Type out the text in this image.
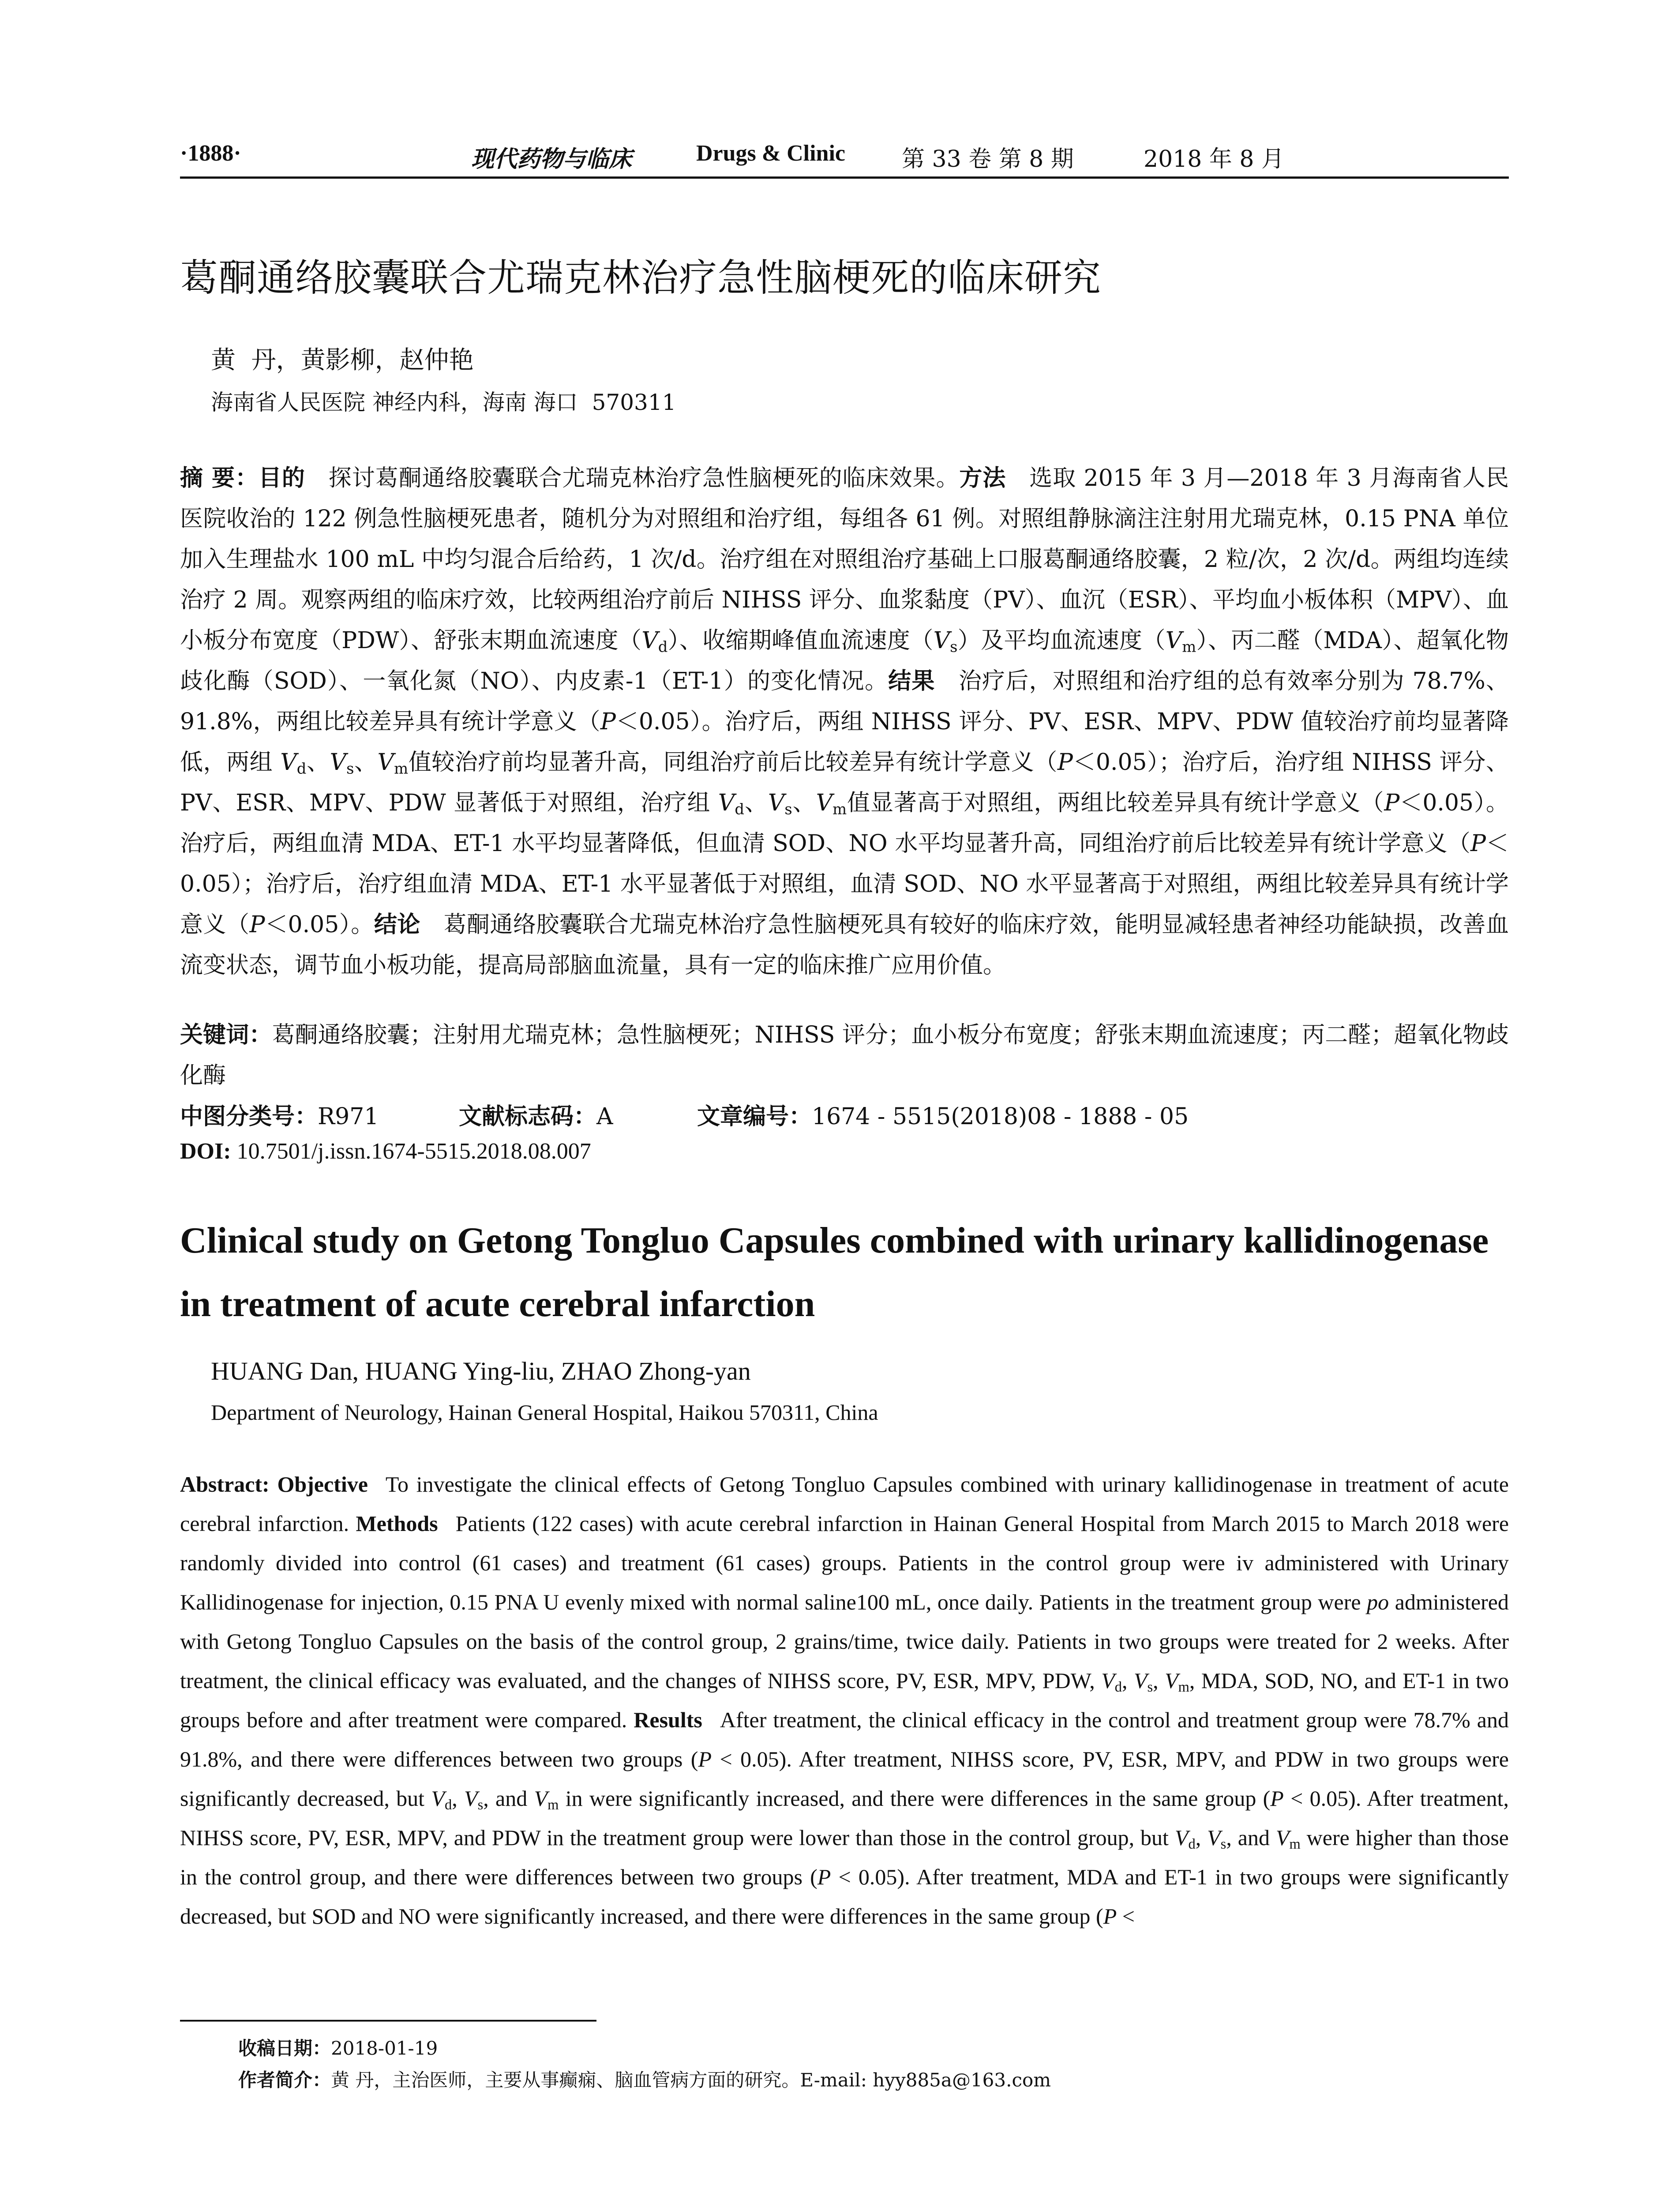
·1888·	现代药物与临床	Drugs & Clinic 第 33 卷 第 8 期	2018 年 8 月
葛酮通络胶囊联合尤瑞克林治疗急性脑梗死的临床研究
黄  丹，黄影柳，赵仲艳
海南省人民医院 神经内科，海南 海口  570311
摘 要：目的 探讨葛酮通络胶囊联合尤瑞克林治疗急性脑梗死的临床效果。方法 选取 2015 年 3 月—2018 年 3 月海南省人民医院收治的 122 例急性脑梗死患者，随机分为对照组和治疗组，每组各 61 例。对照组静脉滴注注射用尤瑞克林，0.15 PNA 单位加入生理盐水 100 mL 中均匀混合后给药，1 次/d。治疗组在对照组治疗基础上口服葛酮通络胶囊，2 粒/次，2 次/d。两组均连续治疗 2 周。观察两组的临床疗效，比较两组治疗前后 NIHSS 评分、血浆黏度（PV）、血沉（ESR）、平均血小板体积（MPV）、血小板分布宽度（PDW）、舒张末期血流速度$(V_d)$、收缩期峰值血流速度$(V_s)$及平均血流速度$(V_m)$、丙二醛（MDA）、超氧化物歧化酶（SOD）、一氧化氮（NO）、内皮素-1（ET-1）的变化情况。结果 治疗后，对照组和治疗组的总有效率分别为 78.7%、91.8%，两组比较差异具有统计学意义（P＜0.05）。治疗后，两组 NIHSS 评分、PV、ESR、MPV、PDW 值较治疗前均显著降低，两组 $V_d$、$V_s$、$V_m$值较治疗前均显著升高，同组治疗前后比较差异有统计学意义（P＜0.05）；治疗后，治疗组 NIHSS 评分、PV、ESR、MPV、PDW 显著低于对照组，治疗组 $V_d$、$V_s$、$V_m$值显著高于对照组，两组比较差异具有统计学意义（P＜0.05）。治疗后，两组血清 MDA、ET-1 水平均显著降低，但血清 SOD、NO 水平均显著升高，同组治疗前后比较差异有统计学意义（P＜0.05）；治疗后，治疗组血清 MDA、ET-1 水平显著低于对照组，血清 SOD、NO 水平显著高于对照组，两组比较差异具有统计学意义（P＜0.05）。结论 葛酮通络胶囊联合尤瑞克林治疗急性脑梗死具有较好的临床疗效，能明显减轻患者神经功能缺损，改善血流变状态，调节血小板功能，提高局部脑血流量，具有一定的临床推广应用价值。
关键词：葛酮通络胶囊；注射用尤瑞克林；急性脑梗死；NIHSS 评分；血小板分布宽度；舒张末期血流速度；丙二醛；超氧化物歧化酶
中图分类号：R971	文献标志码：A	文章编号：1674 - 5515(2018)08 - 1888 - 05
DOI: 10.7501/j.issn.1674-5515.2018.08.007
Clinical study on Getong Tongluo Capsules combined with urinary kallidinogenase in treatment of acute cerebral infarction
HUANG Dan, HUANG Ying-liu, ZHAO Zhong-yan
Department of Neurology, Hainan General Hospital, Haikou 570311, China
Abstract: Objective To investigate the clinical effects of Getong Tongluo Capsules combined with urinary kallidinogenase in treatment of acute cerebral infarction. Methods Patients (122 cases) with acute cerebral infarction in Hainan General Hospital from March 2015 to March 2018 were randomly divided into control (61 cases) and treatment (61 cases) groups. Patients in the control group were iv administered with Urinary Kallidinogenase for injection, 0.15 PNA U evenly mixed with normal saline100 mL, once daily. Patients in the treatment group were po administered with Getong Tongluo Capsules on the basis of the control group, 2 grains/time, twice daily. Patients in two groups were treated for 2 weeks. After treatment, the clinical efficacy was evaluated, and the changes of NIHSS score, PV, ESR, MPV, PDW, $V_d$, $V_s$, $V_m$, MDA, SOD, NO, and ET-1 in two groups before and after treatment were compared. Results After treatment, the clinical efficacy in the control and treatment group were 78.7% and 91.8%, and there were differences between two groups (P < 0.05). After treatment, NIHSS score, PV, ESR, MPV, and PDW in two groups were significantly decreased, but $V_d$, $V_s$, and $V_m$ in were significantly increased, and there were differences in the same group (P < 0.05). After treatment, NIHSS score, PV, ESR, MPV, and PDW in the treatment group were lower than those in the control group, but $V_d$, $V_s$, and $V_m$ were higher than those in the control group, and there were differences between two groups (P < 0.05). After treatment, MDA and ET-1 in two groups were significantly decreased, but SOD and NO were significantly increased, and there were differences in the same group (P <
收稿日期：2018-01-19
作者简介：黄 丹，主治医师，主要从事癫痫、脑血管病方面的研究。E-mail: hyy885a@163.com
